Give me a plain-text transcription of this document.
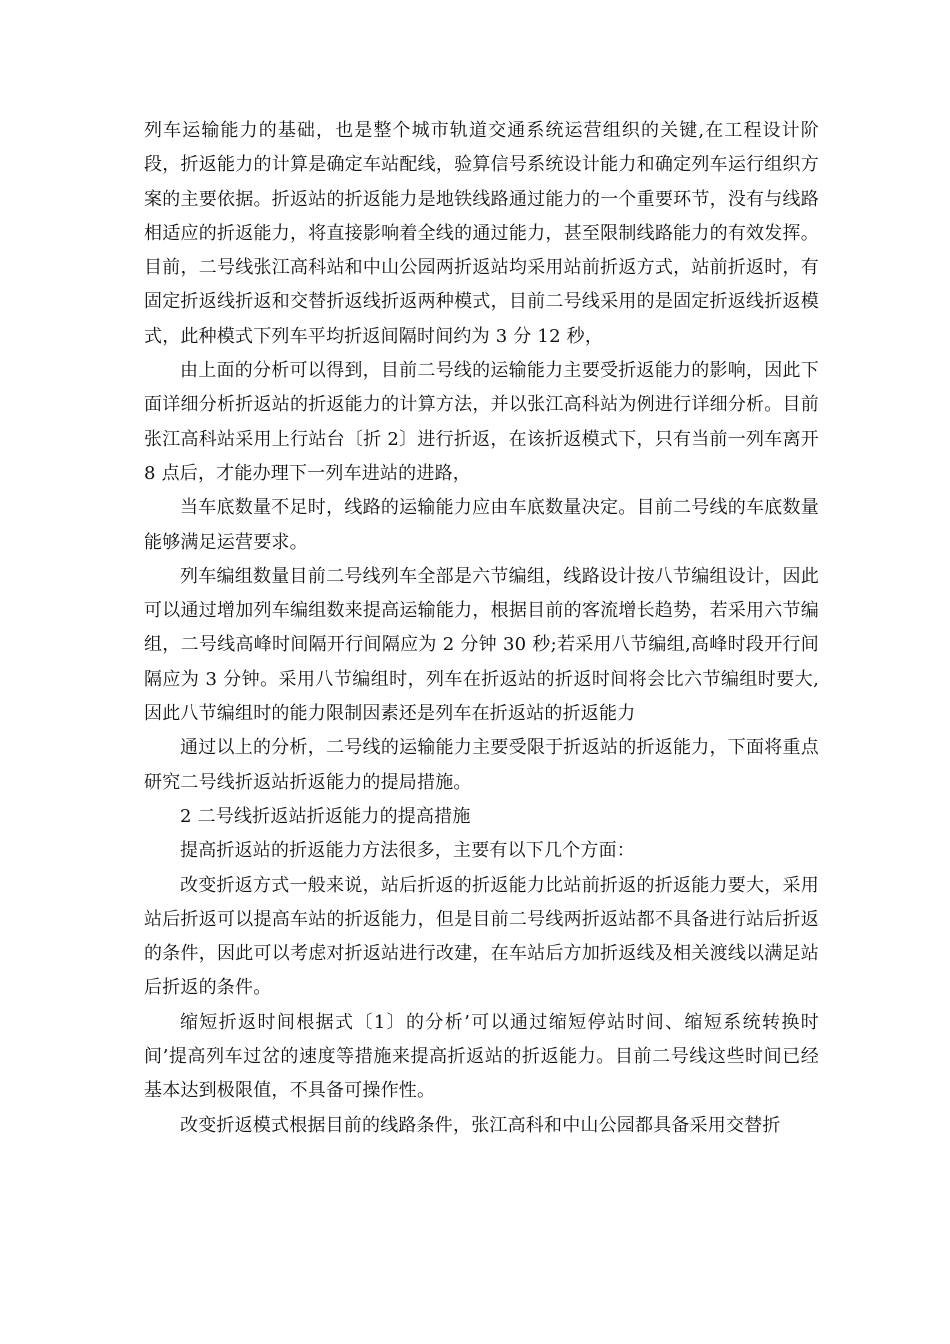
列车运输能力的基础，也是整个城市轨道交通系统运营组织的关键,在工程设计阶段，折返能力的计算是确定车站配线，验算信号系统设计能力和确定列车运行组织方案的主要依据。折返站的折返能力是地铁线路通过能力的一个重要环节，没有与线路相适应的折返能力，将直接影响着全线的通过能力，甚至限制线路能力的有效发挥。目前，二号线张江高科站和中山公园两折返站均采用站前折返方式，站前折返时，有固定折返线折返和交替折返线折返两种模式，目前二号线采用的是固定折返线折返模式，此种模式下列车平均折返间隔时间约为 3 分 12 秒，

由上面的分析可以得到，目前二号线的运输能力主要受折返能力的影响，因此下面详细分析折返站的折返能力的计算方法，并以张江高科站为例进行详细分析。目前张江高科站采用上行站台〔折 2〕进行折返，在该折返模式下，只有当前一列车离开 8 点后，才能办理下一列车进站的进路，

当车底数量不足时，线路的运输能力应由车底数量决定。目前二号线的车底数量能够满足运营要求。

列车编组数量目前二号线列车全部是六节编组，线路设计按八节编组设计，因此可以通过增加列车编组数来提高运输能力，根据目前的客流增长趋势，若采用六节编组，二号线高峰时间隔开行间隔应为 2 分钟 30 秒;若采用八节编组,高峰时段开行间隔应为 3 分钟。采用八节编组时，列车在折返站的折返时间将会比六节编组时要大,因此八节编组时的能力限制因素还是列车在折返站的折返能力

通过以上的分析，二号线的运输能力主要受限于折返站的折返能力，下面将重点研究二号线折返站折返能力的提局措施。

2 二号线折返站折返能力的提高措施

提高折返站的折返能力方法很多，主要有以下几个方面：

改变折返方式一般来说，站后折返的折返能力比站前折返的折返能力要大，采用站后折返可以提高车站的折返能力，但是目前二号线两折返站都不具备进行站后折返的条件，因此可以考虑对折返站进行改建，在车站后方加折返线及相关渡线以满足站后折返的条件。

缩短折返时间根据式〔1〕的分析’可以通过缩短停站时间、缩短系统转换时间’提高列车过岔的速度等措施来提高折返站的折返能力。目前二号线这些时间已经基本达到极限值，不具备可操作性。

改变折返模式根据目前的线路条件，张江高科和中山公园都具备采用交替折
